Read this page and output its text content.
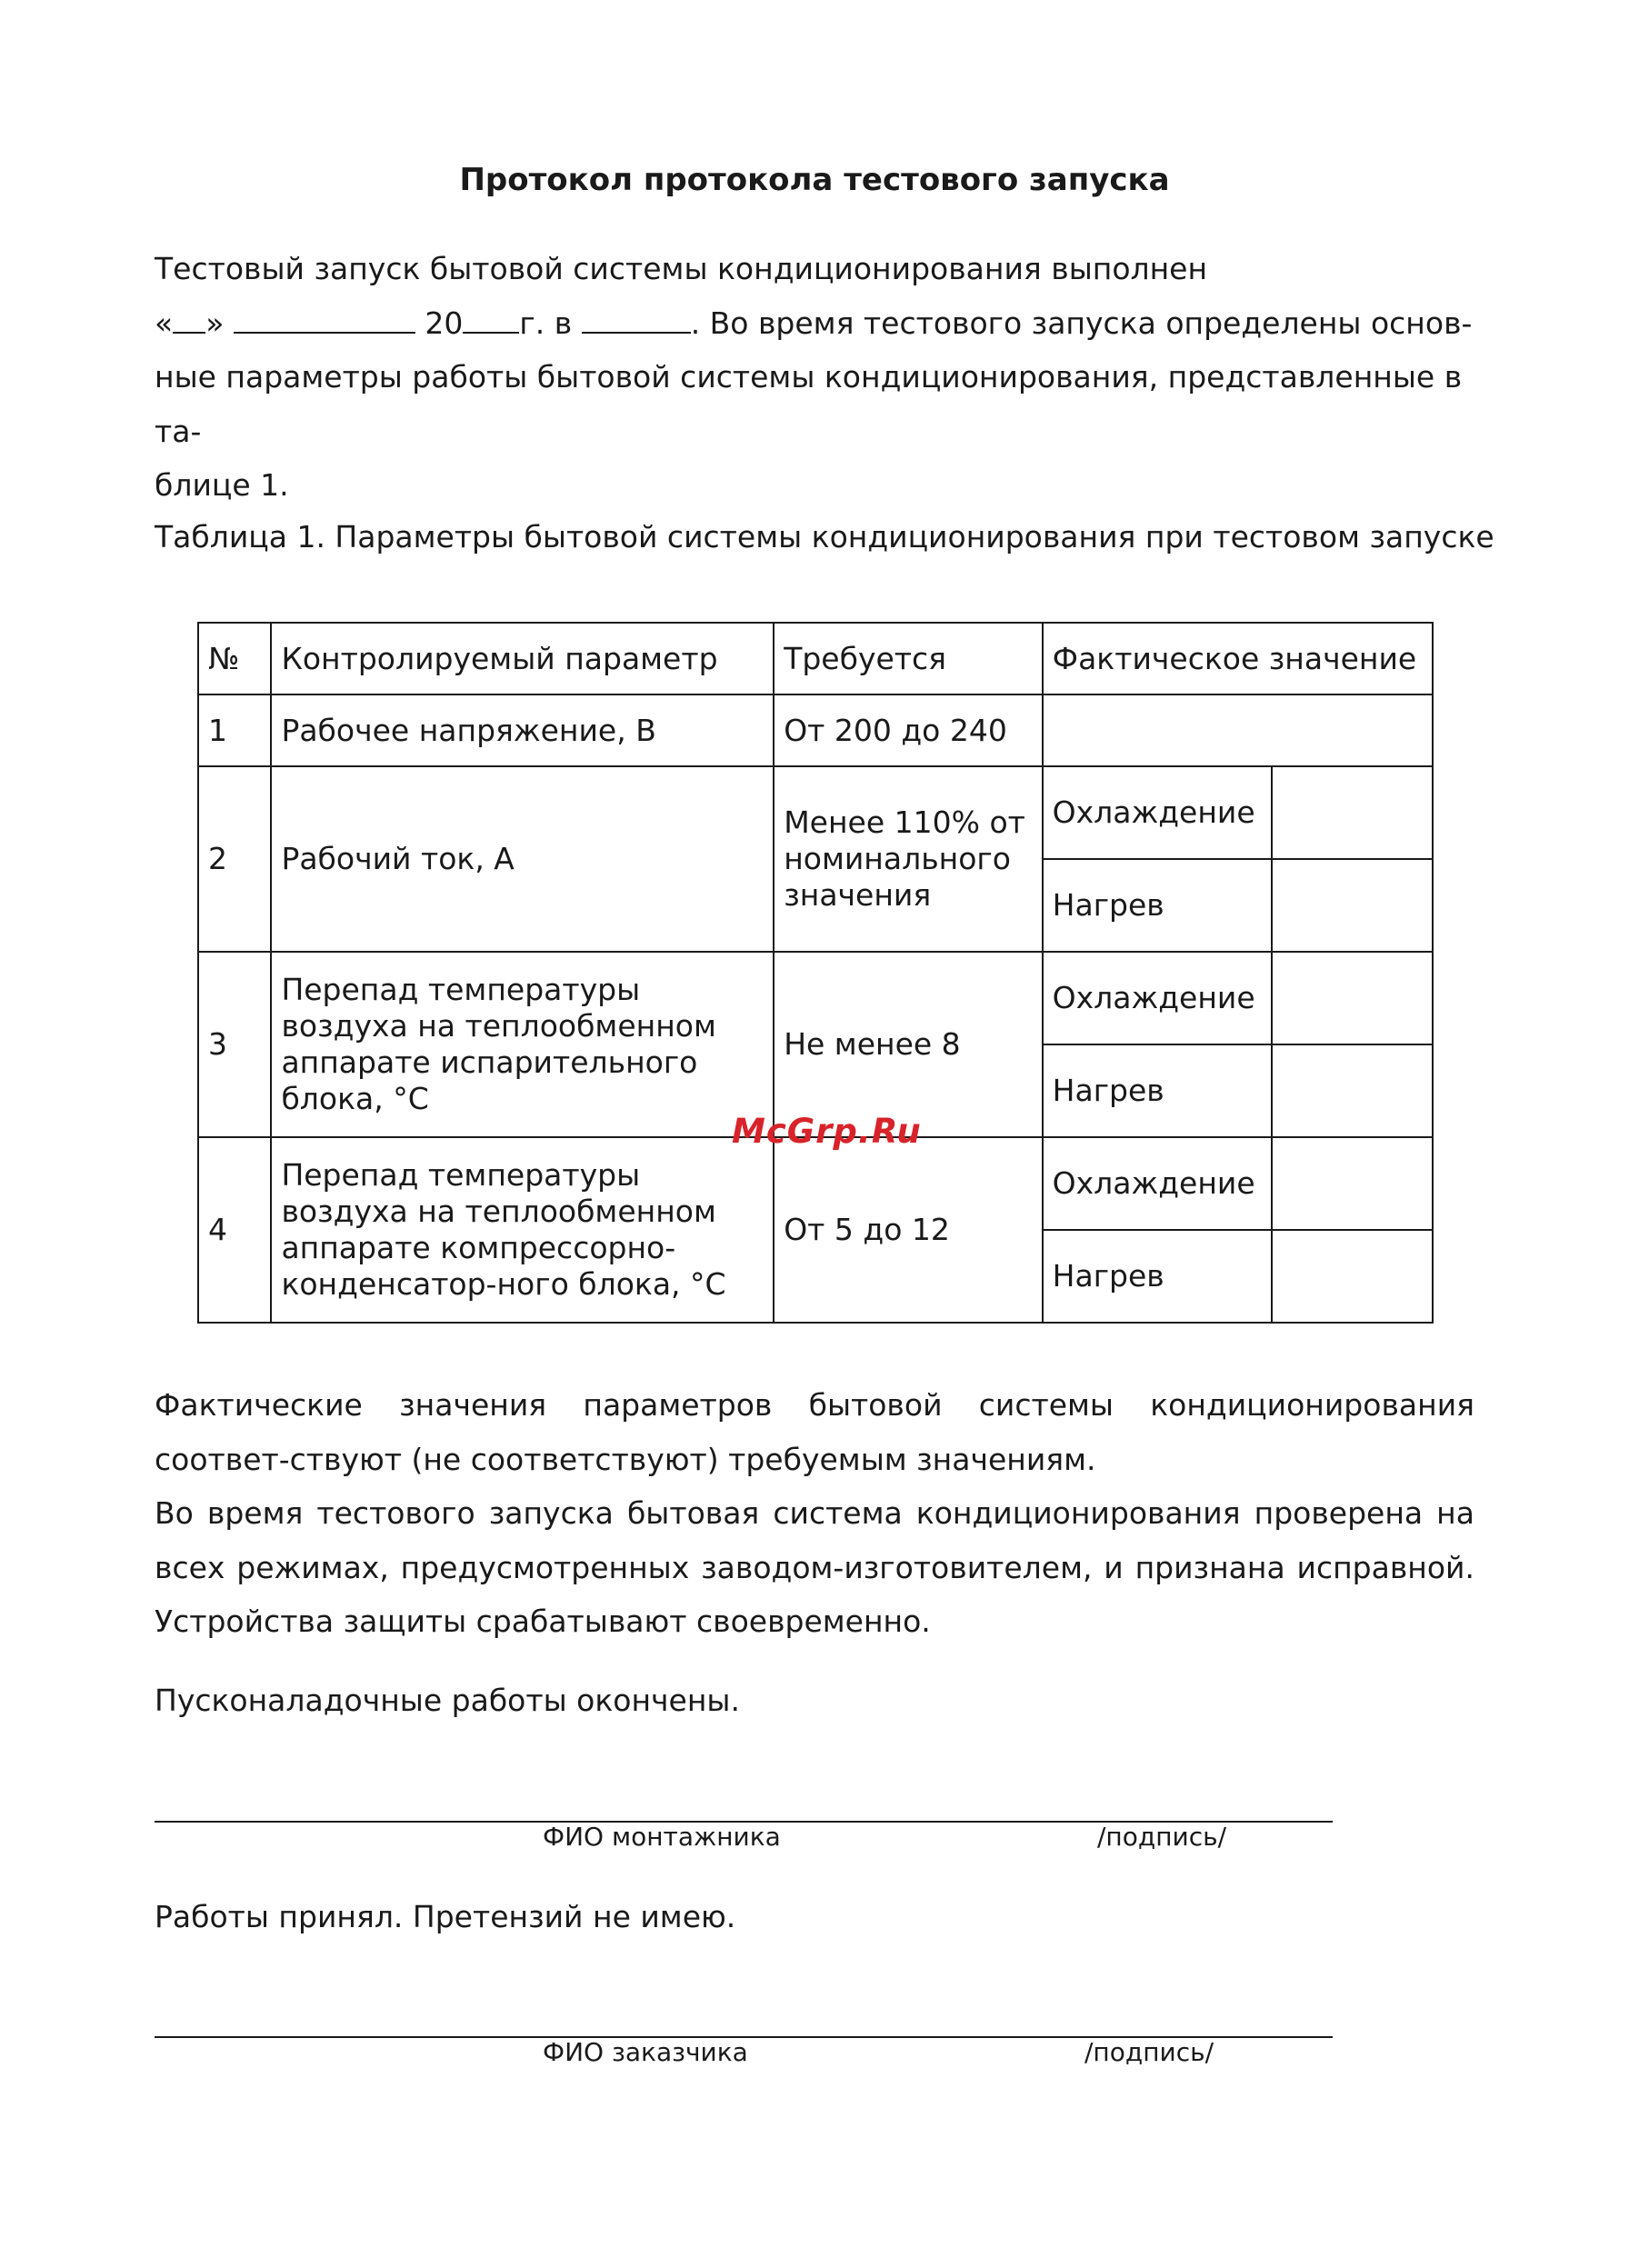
Протокол протокола тестового запуска
Тестовый запуск бытовой системы кондиционирования выполнен
« »	20 г. в	. Во время тестового запуска определены основ-
ные параметры работы бытовой системы кондиционирования, представленные в та-
блице 1.
Таблица 1. Параметры бытовой системы кондиционирования при тестовом запуске
№	Контролируемый параметр	Требуется	Фактическое значение	
1	Рабочее напряжение, В	От 200 до 240		
2	Рабочий ток, А	Менее 110% от номинального значения	Охлаждение	
			Нагрев	
3	Перепад температуры воздуха на теплообменном аппарате испарительного блока, °С	Не менее 8	Охлаждение	
			Нагрев	
4	Перепад температуры воздуха на теплообменном аппарате компрессорно-конденсатор-ного блока, °С	От 5 до 12	Охлаждение	
			Нагрев	
McGrp.Ru
Фактические значения параметров бытовой системы кондиционирования соответ-ствуют (не соответствуют) требуемым значениям.
Во время тестового запуска бытовая система кондиционирования проверена на всех режимах, предусмотренных заводом-изготовителем, и признана исправной. Устройства защиты срабатывают своевременно.
Пусконаладочные работы окончены.
ФИО монтажника	/подпись/
Работы принял. Претензий не имею.
ФИО заказчика	/подпись/
